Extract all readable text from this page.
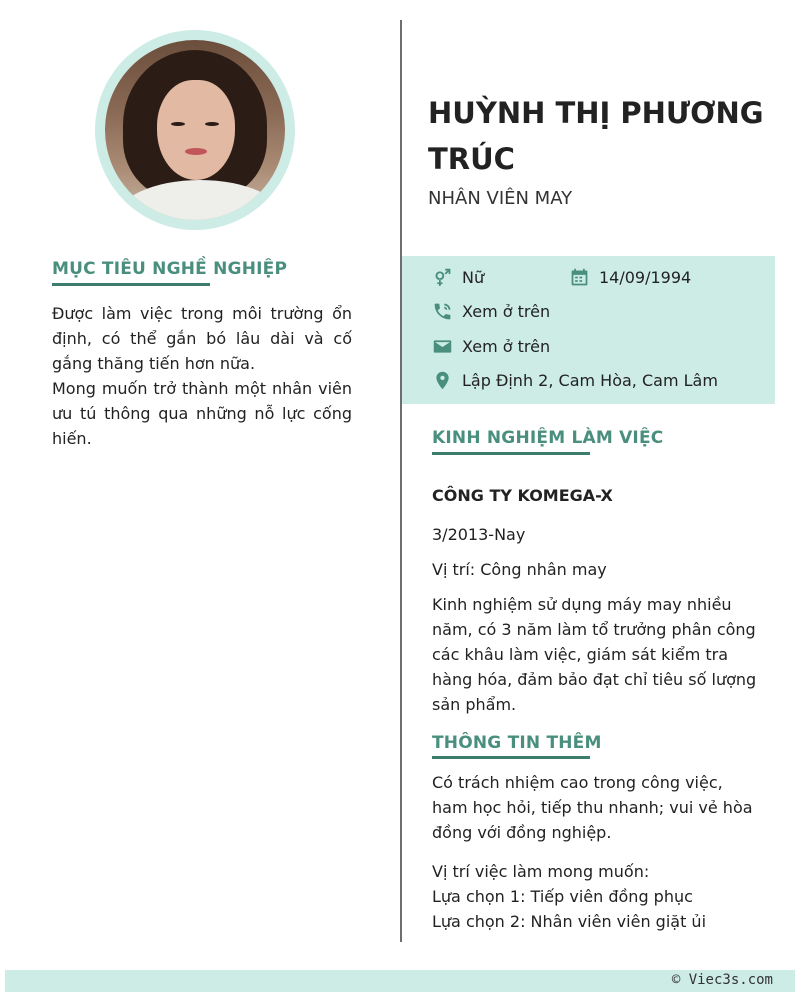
MỤC TIÊU NGHỀ NGHIỆP

Được làm việc trong môi trường ổn định, có thể gắn bó lâu dài và cố gắng thăng tiến hơn nữa.

Mong muốn trở thành một nhân viên ưu tú thông qua những nỗ lực cống hiến.

HUỲNH THỊ PHƯƠNG TRÚC
NHÂN VIÊN MAY
Nữ	14/09/1994
Xem ở trên
Xem ở trên
Lập Định 2, Cam Hòa, Cam Lâm
KINH NGHIỆM LÀM VIỆC
CÔNG TY KOMEGA-X
3/2013-Nay
Vị trí: Công nhân may
Kinh nghiệm sử dụng máy may nhiều năm, có 3 năm làm tổ trưởng phân công các khâu làm việc, giám sát kiểm tra hàng hóa, đảm bảo đạt chỉ tiêu số lượng sản phẩm.
THÔNG TIN THÊM
Có trách nhiệm cao trong công việc, ham học hỏi, tiếp thu nhanh; vui vẻ hòa đồng với đồng nghiệp.

Vị trí việc làm mong muốn:

Lựa chọn 1: Tiếp viên đồng phục

Lựa chọn 2: Nhân viên viên giặt ủi

© Viec3s.com
